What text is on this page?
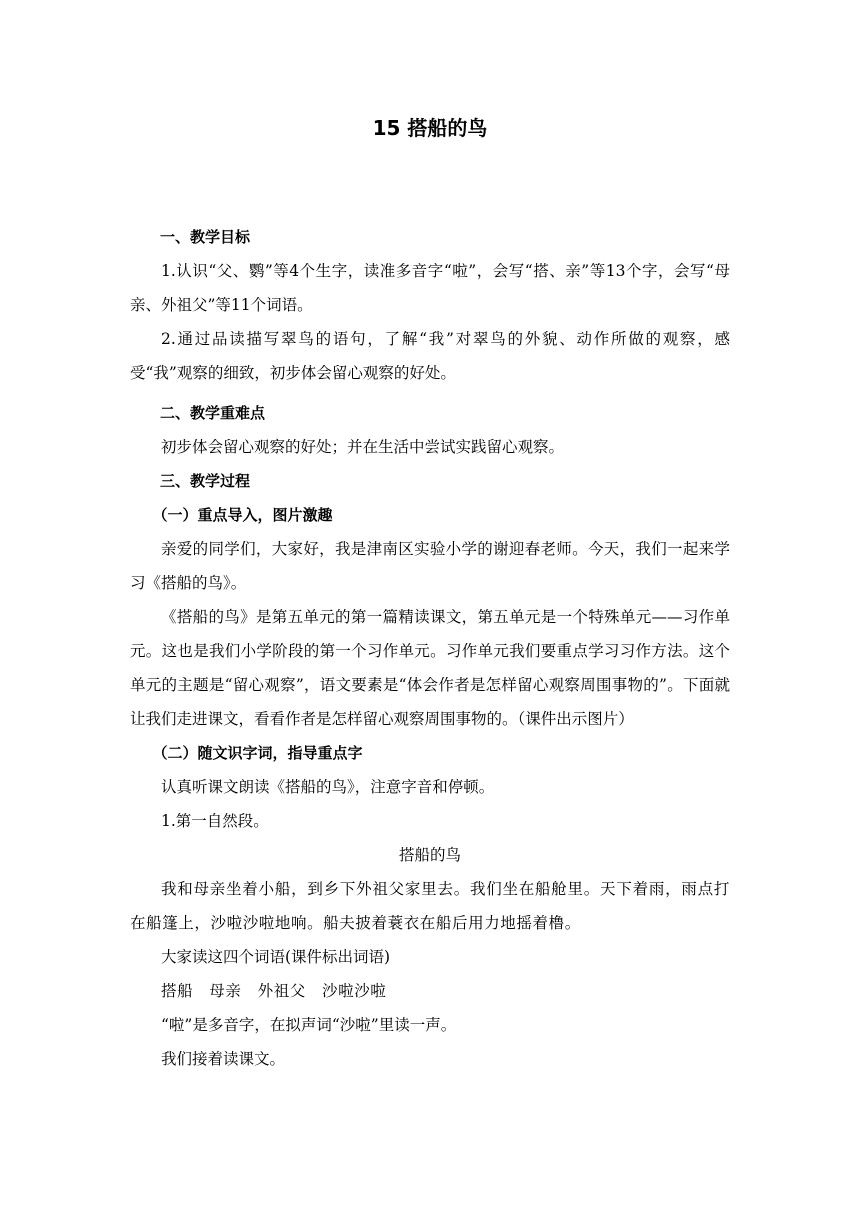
15 搭船的鸟

一、教学目标

1.认识“父、鹦”等4个生字，读准多音字“啦”，会写“搭、亲”等13个字，会写“母亲、外祖父”等11个词语。

2.通过品读描写翠鸟的语句，了解“我”对翠鸟的外貌、动作所做的观察，感受“我”观察的细致，初步体会留心观察的好处。

二、教学重难点

初步体会留心观察的好处；并在生活中尝试实践留心观察。

三、教学过程

（一）重点导入，图片激趣

亲爱的同学们，大家好，我是津南区实验小学的谢迎春老师。今天，我们一起来学习《搭船的鸟》。

《搭船的鸟》是第五单元的第一篇精读课文，第五单元是一个特殊单元——习作单元。这也是我们小学阶段的第一个习作单元。习作单元我们要重点学习习作方法。这个单元的主题是“留心观察”，语文要素是“体会作者是怎样留心观察周围事物的”。下面就让我们走进课文，看看作者是怎样留心观察周围事物的。（课件出示图片）

（二）随文识字词，指导重点字

认真听课文朗读《搭船的鸟》，注意字音和停顿。

1.第一自然段。

搭船的鸟

我和母亲坐着小船，到乡下外祖父家里去。我们坐在船舱里。天下着雨，雨点打在船篷上，沙啦沙啦地响。船夫披着蓑衣在船后用力地摇着橹。

大家读这四个词语(课件标出词语)

搭船　母亲　外祖父　沙啦沙啦

“啦”是多音字，在拟声词“沙啦”里读一声。

我们接着读课文。
